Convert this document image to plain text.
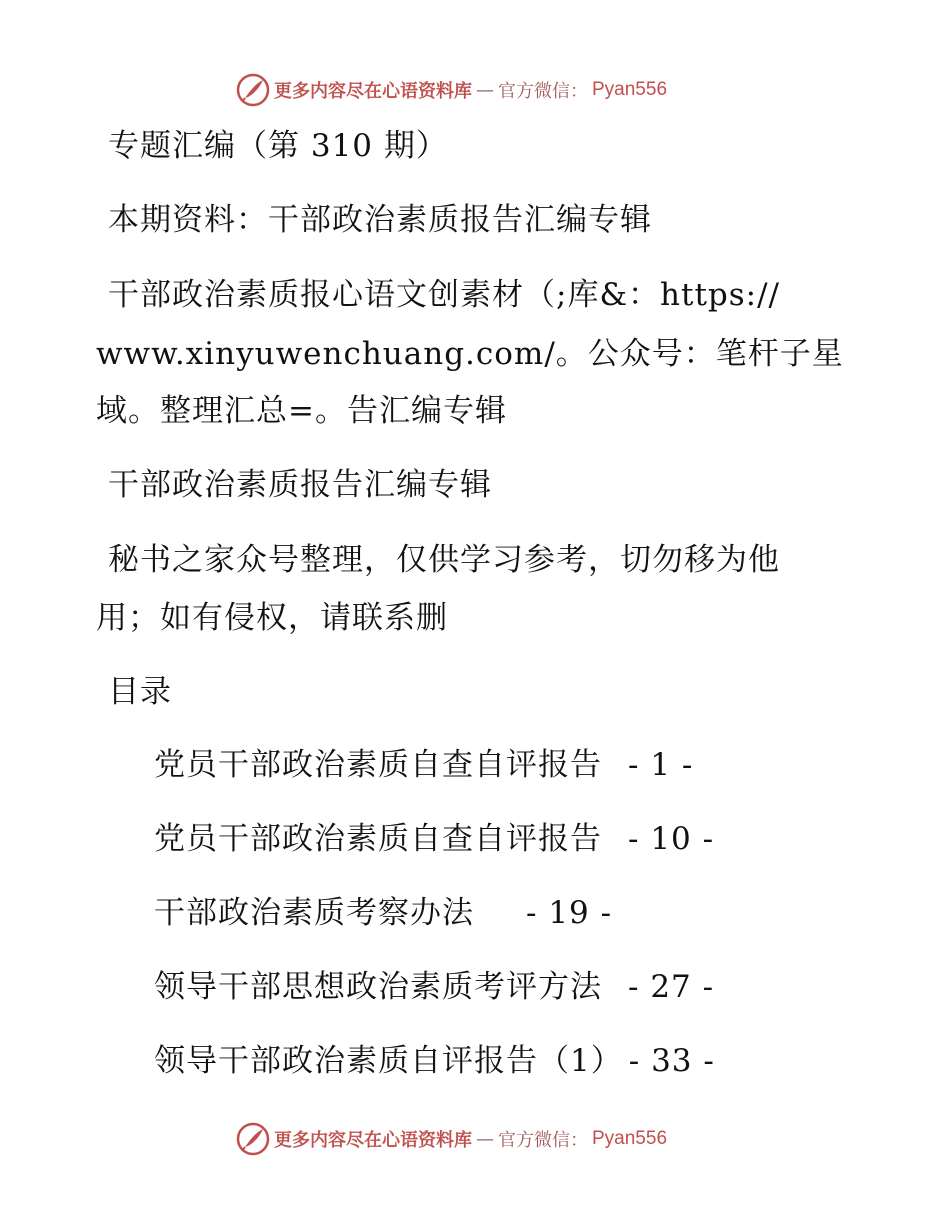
更多内容尽在心语资料库 — 官方微信： Pyan556
专题汇编（第 310 期）
本期资料：干部政治素质报告汇编专辑
干部政治素质报心语文创素材（;库&：https://
www.xinyuwenchuang.com/。公众号：笔杆子星
域。整理汇总=。告汇编专辑
干部政治素质报告汇编专辑
秘书之家众号整理，仅供学习参考，切勿移为他
用；如有侵权，请联系删
目录
党员干部政治素质自查自评报告 - 1 -
党员干部政治素质自查自评报告 - 10 -
干部政治素质考察办法 - 19 -
领导干部思想政治素质考评方法 - 27 -
领导干部政治素质自评报告（1） - 33 -
更多内容尽在心语资料库 — 官方微信： Pyan556
